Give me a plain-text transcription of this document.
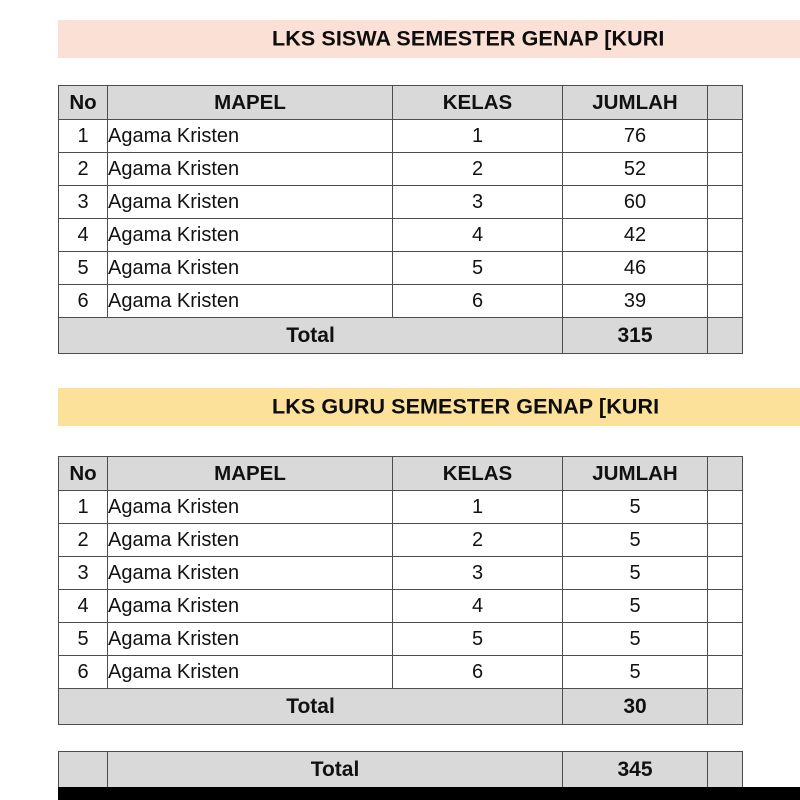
LKS SISWA SEMESTER GENAP [KURI
No	MAPEL	KELAS	JUMLAH	
1	Agama Kristen	1	76	
2	Agama Kristen	2	52	
3	Agama Kristen	3	60	
4	Agama Kristen	4	42	
5	Agama Kristen	5	46	
6	Agama Kristen	6	39	
Total			315	
LKS GURU SEMESTER GENAP [KURI
No	MAPEL	KELAS	JUMLAH	
1	Agama Kristen	1	5	
2	Agama Kristen	2	5	
3	Agama Kristen	3	5	
4	Agama Kristen	4	5	
5	Agama Kristen	5	5	
6	Agama Kristen	6	5	
Total			30	
	Total	345	
